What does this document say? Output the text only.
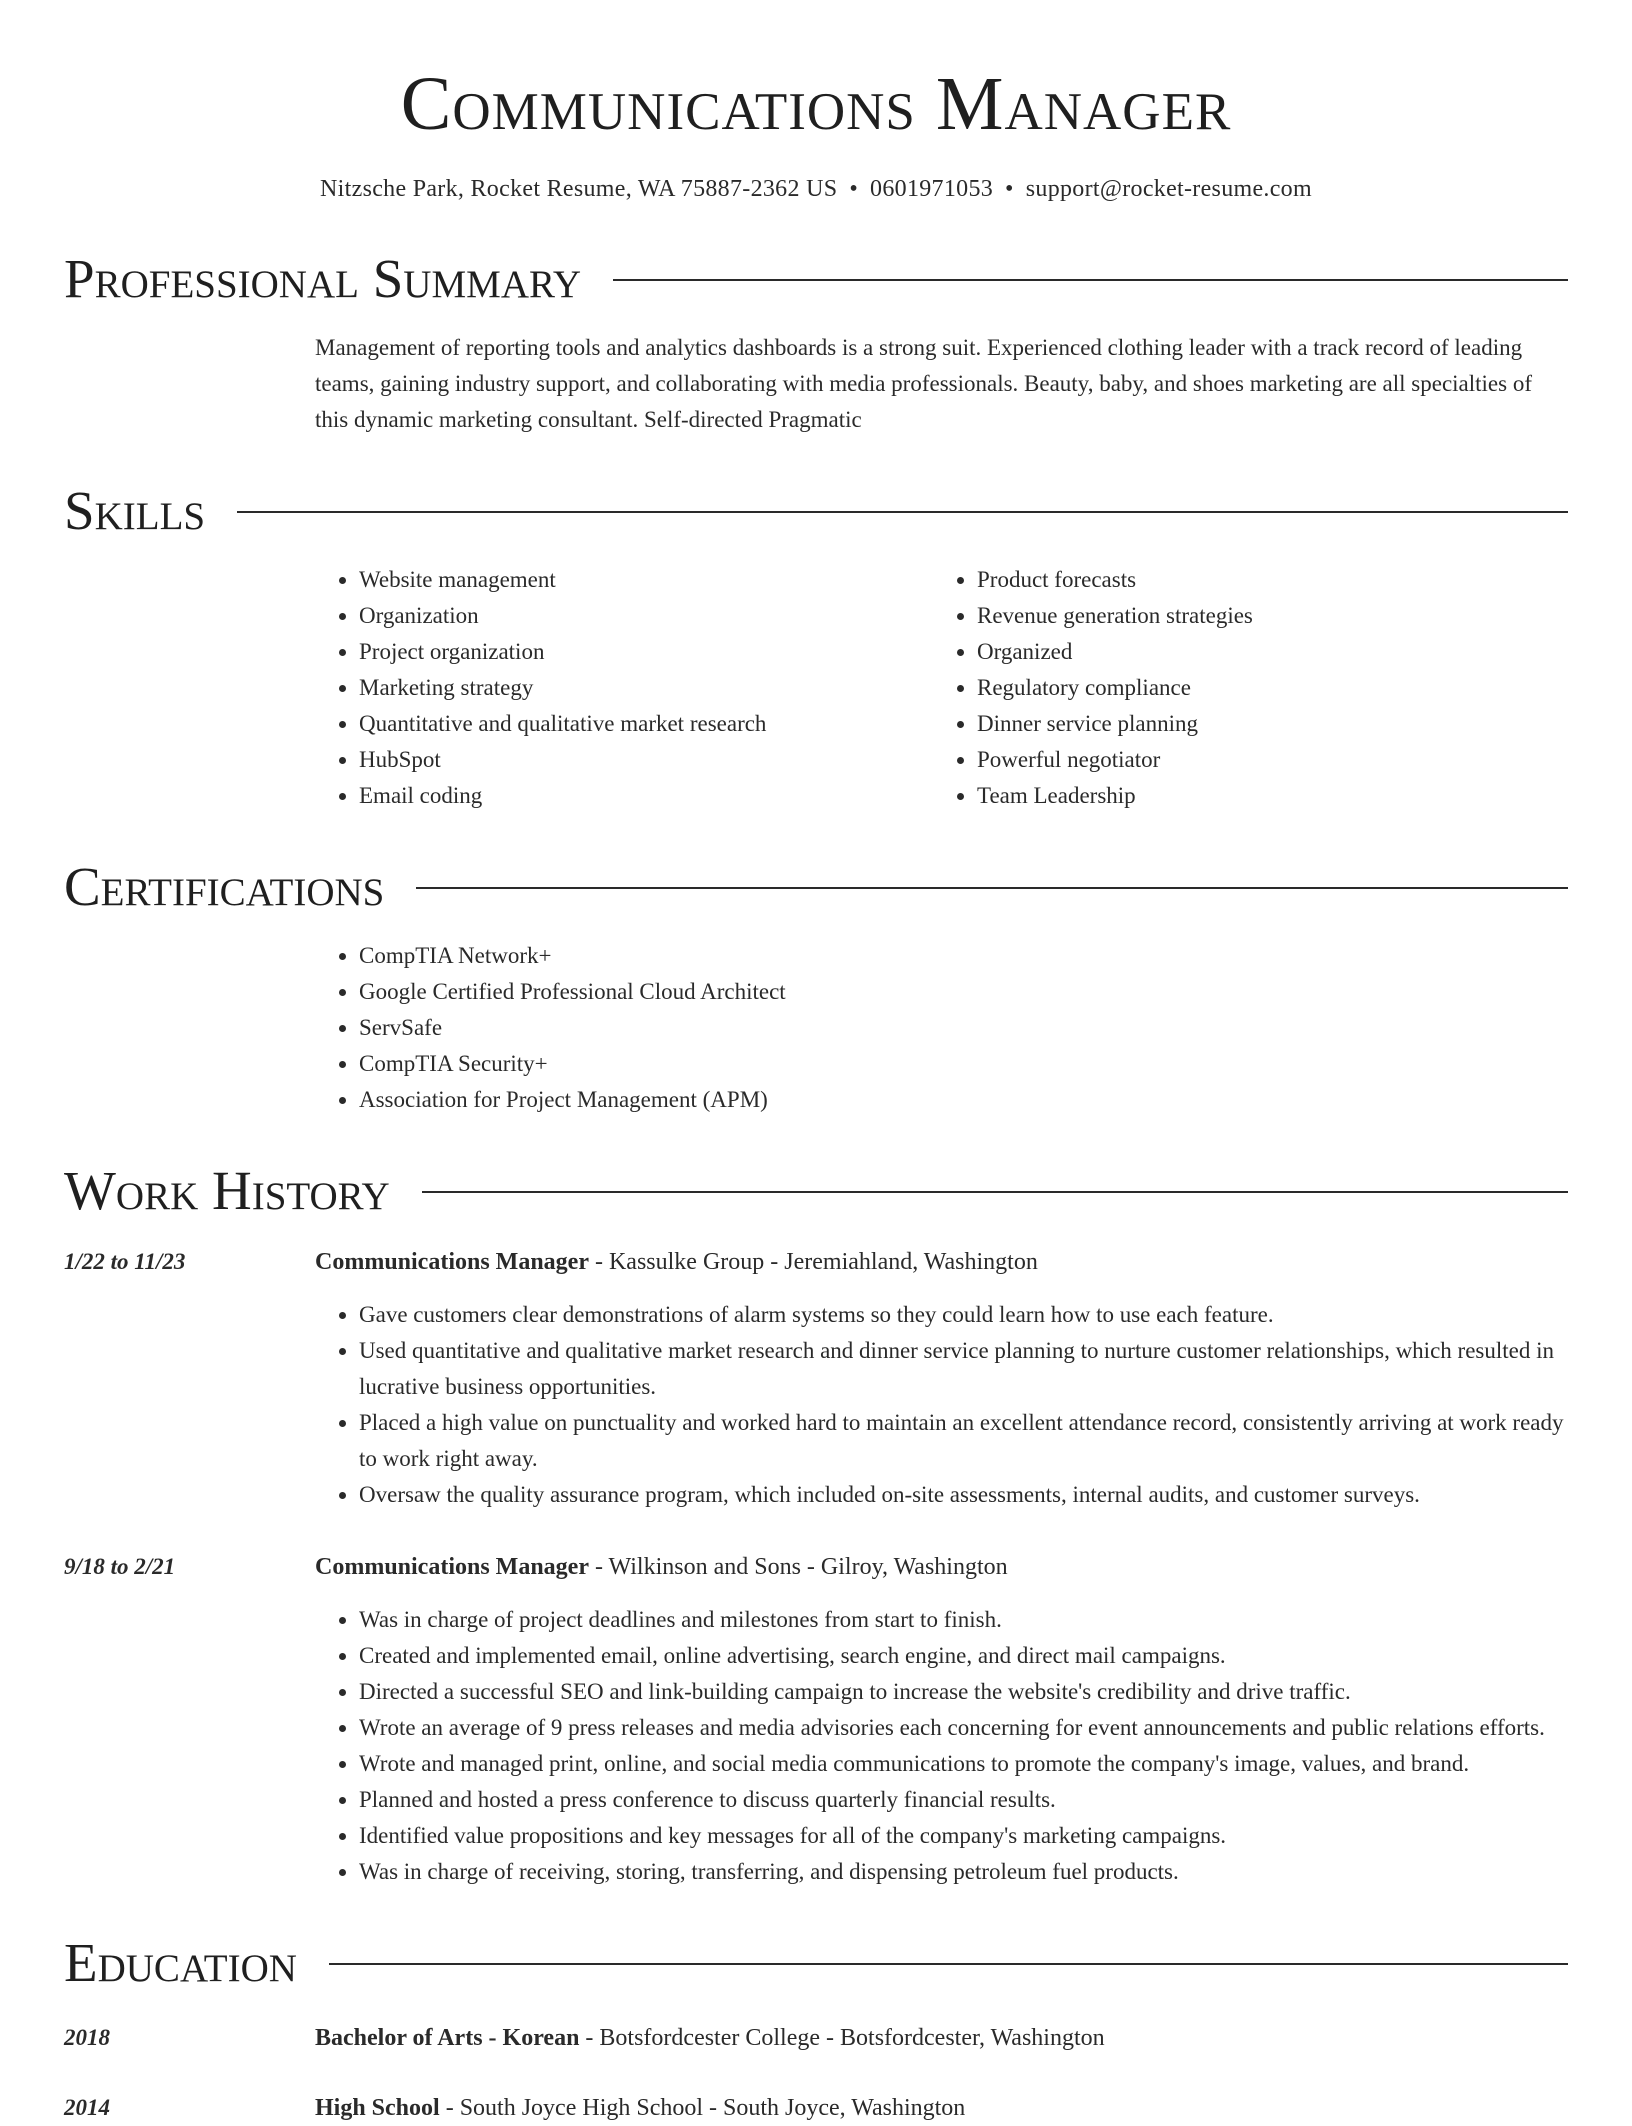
Communications Manager
Nitzsche Park, Rocket Resume, WA 75887-2362 US • 0601971053 • support@rocket-resume.com
Professional Summary
Management of reporting tools and analytics dashboards is a strong suit. Experienced clothing leader with a track record of leading teams, gaining industry support, and collaborating with media professionals. Beauty, baby, and shoes marketing are all specialties of this dynamic marketing consultant. Self-directed Pragmatic
Skills
• Website management
• Organization
• Project organization
• Marketing strategy
• Quantitative and qualitative market research
• HubSpot
• Email coding
• Product forecasts
• Revenue generation strategies
• Organized
• Regulatory compliance
• Dinner service planning
• Powerful negotiator
• Team Leadership
Certifications
• CompTIA Network+
• Google Certified Professional Cloud Architect
• ServSafe
• CompTIA Security+
• Association for Project Management (APM)
Work History
1/22 to 11/23	Communications Manager - Kassulke Group - Jeremiahland, Washington
• Gave customers clear demonstrations of alarm systems so they could learn how to use each feature.
• Used quantitative and qualitative market research and dinner service planning to nurture customer relationships, which resulted in lucrative business opportunities.
• Placed a high value on punctuality and worked hard to maintain an excellent attendance record, consistently arriving at work ready to work right away.
• Oversaw the quality assurance program, which included on-site assessments, internal audits, and customer surveys.
9/18 to 2/21	Communications Manager - Wilkinson and Sons - Gilroy, Washington
• Was in charge of project deadlines and milestones from start to finish.
• Created and implemented email, online advertising, search engine, and direct mail campaigns.
• Directed a successful SEO and link-building campaign to increase the website's credibility and drive traffic.
• Wrote an average of 9 press releases and media advisories each concerning for event announcements and public relations efforts.
• Wrote and managed print, online, and social media communications to promote the company's image, values, and brand.
• Planned and hosted a press conference to discuss quarterly financial results.
• Identified value propositions and key messages for all of the company's marketing campaigns.
• Was in charge of receiving, storing, transferring, and dispensing petroleum fuel products.
Education
2018	Bachelor of Arts - Korean - Botsfordcester College - Botsfordcester, Washington
2014	High School - South Joyce High School - South Joyce, Washington
